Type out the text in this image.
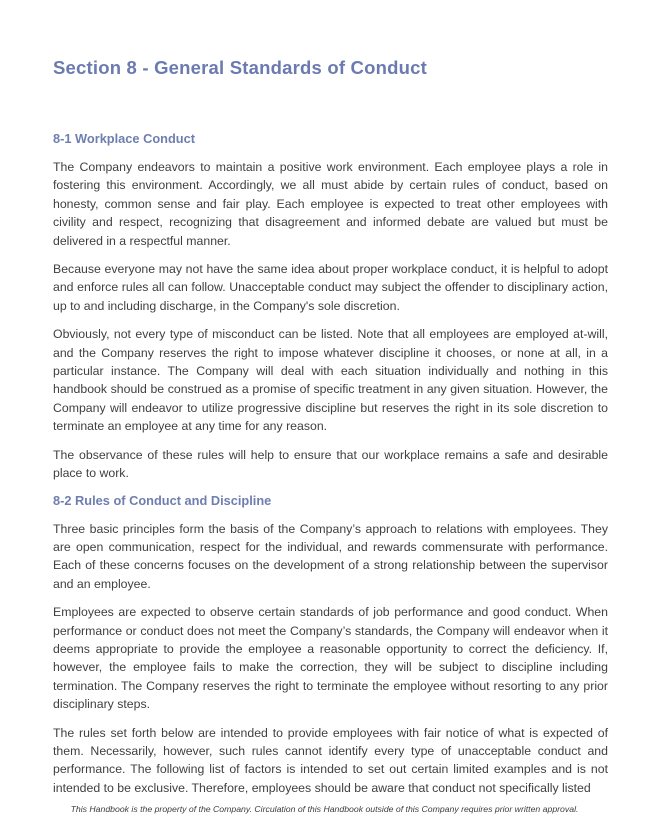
Section 8 - General Standards of Conduct
8-1 Workplace Conduct

The Company endeavors to maintain a positive work environment. Each employee plays a role in fostering this environment. Accordingly, we all must abide by certain rules of conduct, based on honesty, common sense and fair play. Each employee is expected to treat other employees with civility and respect, recognizing that disagreement and informed debate are valued but must be delivered in a respectful manner.

Because everyone may not have the same idea about proper workplace conduct, it is helpful to adopt and enforce rules all can follow. Unacceptable conduct may subject the offender to disciplinary action, up to and including discharge, in the Company's sole discretion.

Obviously, not every type of misconduct can be listed. Note that all employees are employed at-will, and the Company reserves the right to impose whatever discipline it chooses, or none at all, in a particular instance. The Company will deal with each situation individually and nothing in this handbook should be construed as a promise of specific treatment in any given situation. However, the Company will endeavor to utilize progressive discipline but reserves the right in its sole discretion to terminate an employee at any time for any reason.

The observance of these rules will help to ensure that our workplace remains a safe and desirable place to work.

8-2 Rules of Conduct and Discipline

Three basic principles form the basis of the Company’s approach to relations with employees. They are open communication, respect for the individual, and rewards commensurate with performance. Each of these concerns focuses on the development of a strong relationship between the supervisor and an employee.

Employees are expected to observe certain standards of job performance and good conduct. When performance or conduct does not meet the Company’s standards, the Company will endeavor when it deems appropriate to provide the employee a reasonable opportunity to correct the deficiency. If, however, the employee fails to make the correction, they will be subject to discipline including termination. The Company reserves the right to terminate the employee without resorting to any prior disciplinary steps.

The rules set forth below are intended to provide employees with fair notice of what is expected of them. Necessarily, however, such rules cannot identify every type of unacceptable conduct and performance. The following list of factors is intended to set out certain limited examples and is not intended to be exclusive. Therefore, employees should be aware that conduct not specifically listed

This Handbook is the property of the Company. Circulation of this Handbook outside of this Company requires prior written approval.
